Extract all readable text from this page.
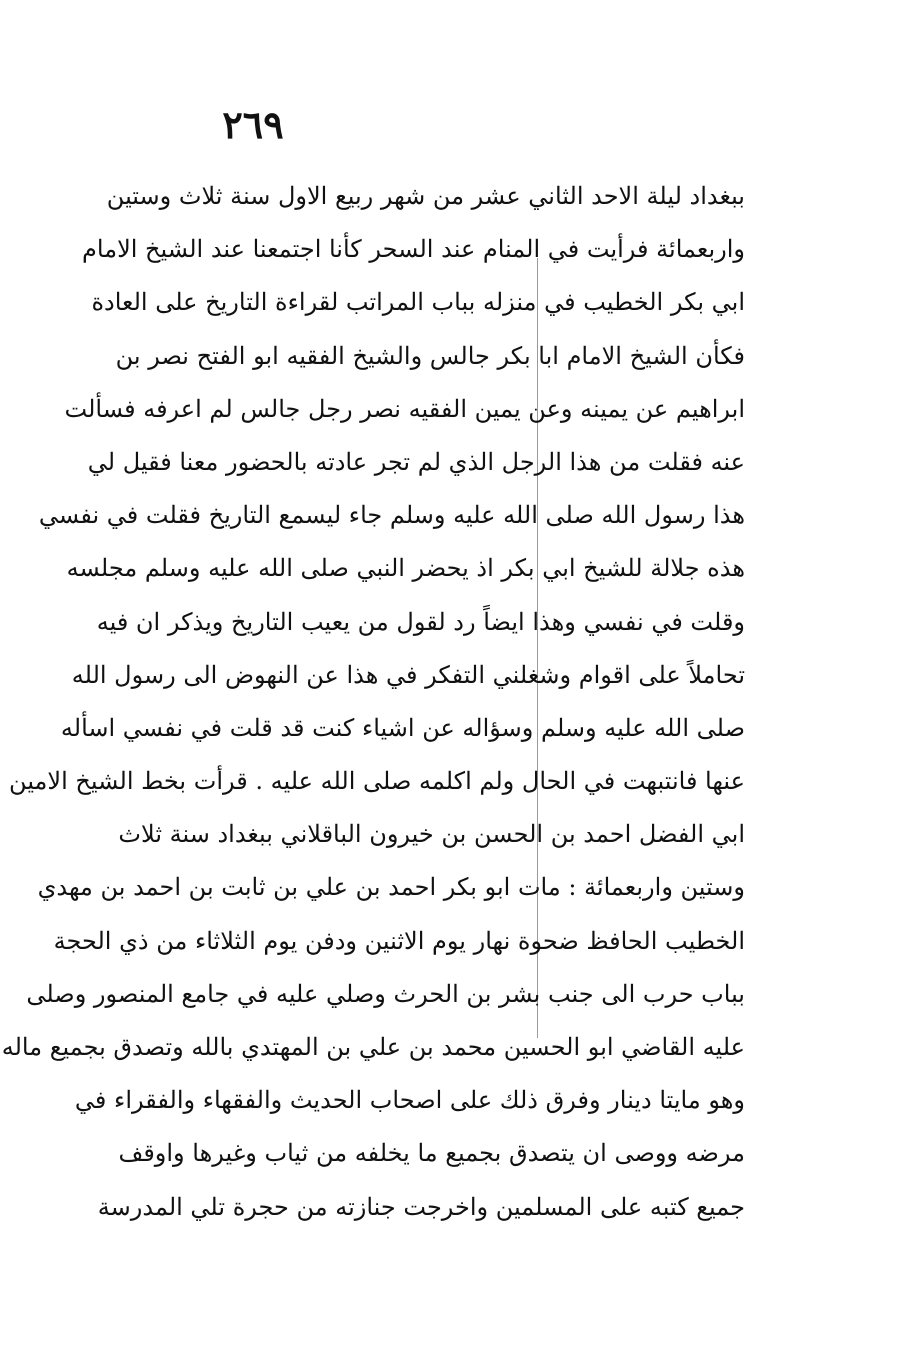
٢٦٩
ببغداد ليلة الاحد الثاني عشر من شهر ربيع الاول سنة ثلاث وستين
واربعمائة فرأيت في المنام عند السحر كأنا اجتمعنا عند الشيخ الامام
ابي بكر الخطيب في منزله بباب المراتب لقراءة التاريخ على العادة
فكأن الشيخ الامام ابا بكر جالس والشيخ الفقيه ابو الفتح نصر بن
ابراهيم عن يمينه وعن يمين الفقيه نصر رجل جالس لم اعرفه فسألت
عنه فقلت من هذا الرجل الذي لم تجر عادته بالحضور معنا فقيل لي
هذا رسول الله صلى الله عليه وسلم جاء ليسمع التاريخ فقلت في نفسي
هذه جلالة للشيخ ابي بكر اذ يحضر النبي صلى الله عليه وسلم مجلسه
وقلت في نفسي وهذا ايضاً رد لقول من يعيب التاريخ ويذكر ان فيه
تحاملاً على اقوام وشغلني التفكر في هذا عن النهوض الى رسول الله
صلى الله عليه وسلم وسؤاله عن اشياء كنت قد قلت في نفسي اسأله
عنها فانتبهت في الحال ولم اكلمه صلى الله عليه . قرأت بخط الشيخ الامين
ابي الفضل احمد بن الحسن بن خيرون الباقلاني ببغداد سنة ثلاث
وستين واربعمائة : مات ابو بكر احمد بن علي بن ثابت بن احمد بن مهدي
الخطيب الحافظ ضحوة نهار يوم الاثنين ودفن يوم الثلاثاء من ذي الحجة
بباب حرب الى جنب بشر بن الحرث وصلي عليه في جامع المنصور وصلى
عليه القاضي ابو الحسين محمد بن علي بن المهتدي بالله وتصدق بجميع ماله
وهو مايتا دينار وفرق ذلك على اصحاب الحديث والفقهاء والفقراء في
مرضه ووصى ان يتصدق بجميع ما يخلفه من ثياب وغيرها واوقف
جميع كتبه على المسلمين واخرجت جنازته من حجرة تلي المدرسة
